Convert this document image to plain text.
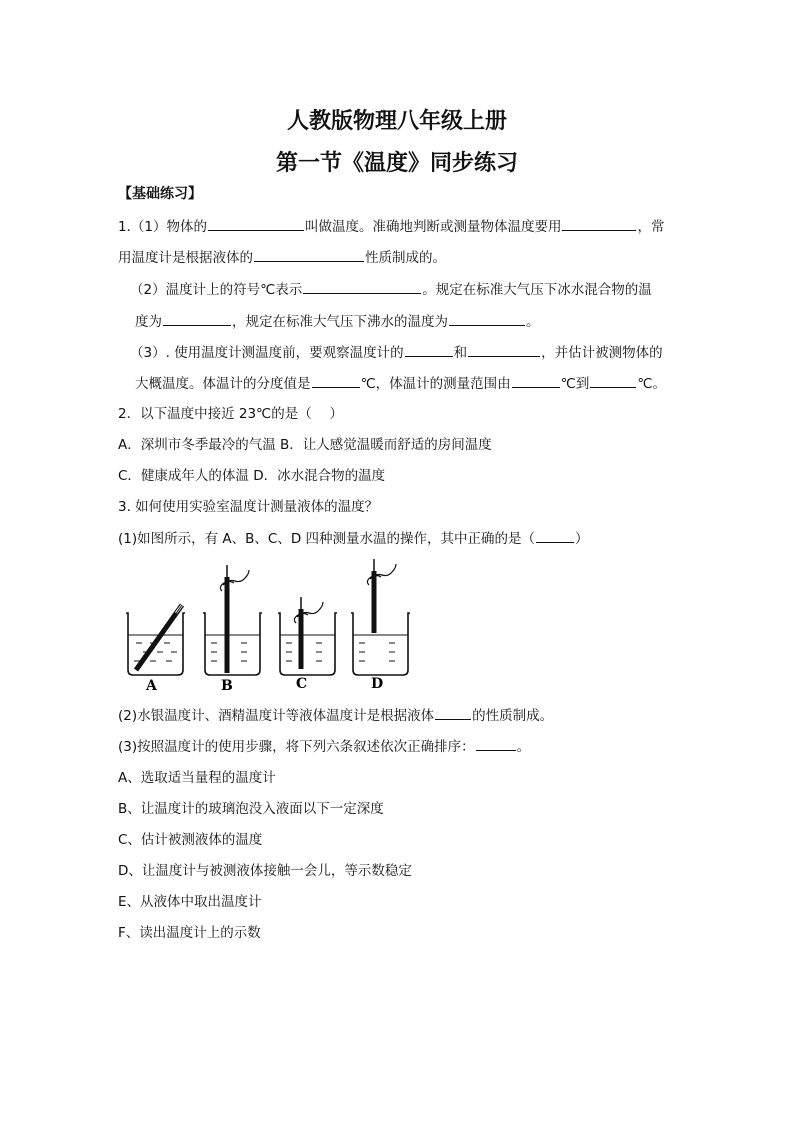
人教版物理八年级上册
第一节《温度》同步练习
【基础练习】
1.（1）物体的	叫做温度。准确地判断或测量物体温度要用	，常
用温度计是根据液体的	性质制成的。
（2）温度计上的符号℃表示	。规定在标准大气压下冰水混合物的温
度为	，规定在标准大气压下沸水的温度为	。
（3）. 使用温度计测温度前，要观察温度计的	和	，并估计被测物体的
大概温度。体温计的分度值是	℃，体温计的测量范围由	℃到	℃。
2．以下温度中接近 23℃的是（　 ）
A．深圳市冬季最冷的气温 B．让人感觉温暖而舒适的房间温度
C．健康成年人的体温 D．冰水混合物的温度
3. 如何使用实验室温度计测量液体的温度？
(1)如图所示，有 A、B、C、D 四种测量水温的操作，其中正确的是（	）
A	B	C	D
(2)水银温度计、酒精温度计等液体温度计是根据液体	的性质制成。
(3)按照温度计的使用步骤，将下列六条叙述依次正确排序：	。
A、选取适当量程的温度计
B、让温度计的玻璃泡没入液面以下一定深度
C、估计被测液体的温度
D、让温度计与被测液体接触一会儿，等示数稳定
E、从液体中取出温度计
F、读出温度计上的示数
